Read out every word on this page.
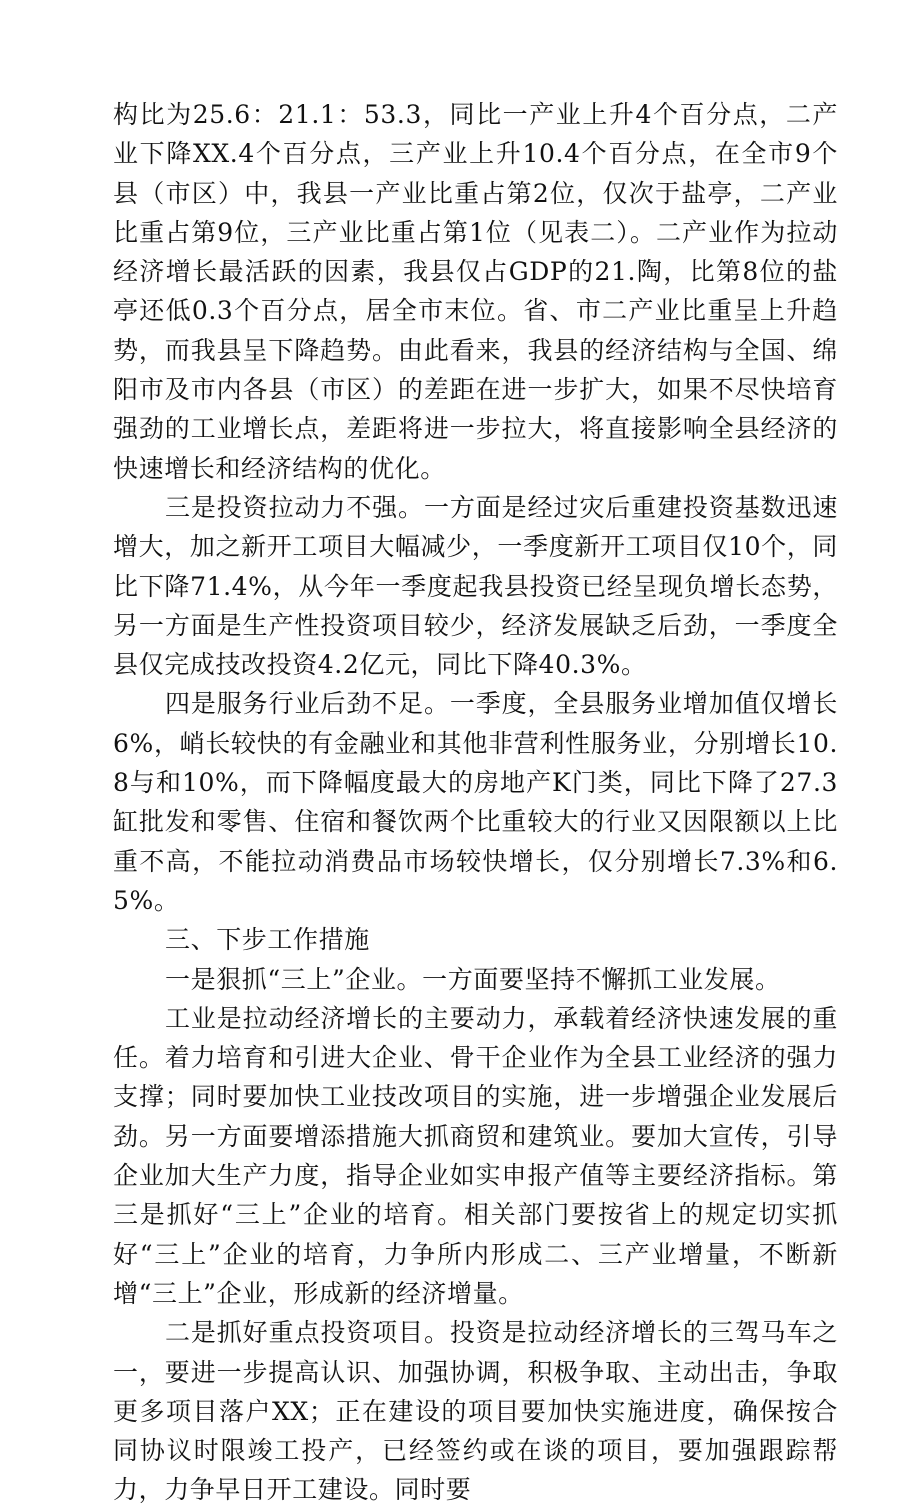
构比为25.6：21.1：53.3，同比一产业上升4个百分点，二产业下降XX.4个百分点，三产业上升10.4个百分点，在全市9个县（市区）中，我县一产业比重占第2位，仅次于盐亭，二产业比重占第9位，三产业比重占第1位（见表二）。二产业作为拉动经济增长最活跃的因素，我县仅占GDP的21.陶，比第8位的盐亭还低0.3个百分点，居全市末位。省、市二产业比重呈上升趋势，而我县呈下降趋势。由此看来，我县的经济结构与全国、绵阳市及市内各县（市区）的差距在进一步扩大，如果不尽快培育强劲的工业增长点，差距将进一步拉大，将直接影响全县经济的快速增长和经济结构的优化。

三是投资拉动力不强。一方面是经过灾后重建投资基数迅速增大，加之新开工项目大幅减少，一季度新开工项目仅10个，同比下降71.4%，从今年一季度起我县投资已经呈现负增长态势，另一方面是生产性投资项目较少，经济发展缺乏后劲，一季度全县仅完成技改投资4.2亿元，同比下降40.3%。

四是服务行业后劲不足。一季度，全县服务业增加值仅增长6%，峭长较快的有金融业和其他非营利性服务业，分别增长10.8与和10%，而下降幅度最大的房地产K门类，同比下降了27.3缸批发和零售、住宿和餐饮两个比重较大的行业又因限额以上比重不高，不能拉动消费品市场较快增长，仅分别增长7.3%和6.5%。

三、下步工作措施

一是狠抓“三上”企业。一方面要坚持不懈抓工业发展。

工业是拉动经济增长的主要动力，承载着经济快速发展的重任。着力培育和引进大企业、骨干企业作为全县工业经济的强力支撑；同时要加快工业技改项目的实施，进一步增强企业发展后劲。另一方面要增添措施大抓商贸和建筑业。要加大宣传，引导企业加大生产力度，指导企业如实申报产值等主要经济指标。第三是抓好“三上”企业的培育。相关部门要按省上的规定切实抓好“三上”企业的培育，力争所内形成二、三产业增量，不断新增“三上”企业，形成新的经济增量。

二是抓好重点投资项目。投资是拉动经济增长的三驾马车之一，要进一步提高认识、加强协调，积极争取、主动出击，争取更多项目落户XX；正在建设的项目要加快实施进度，确保按合同协议时限竣工投产，已经签约或在谈的项目，要加强跟踪帮力，力争早日开工建设。同时要
